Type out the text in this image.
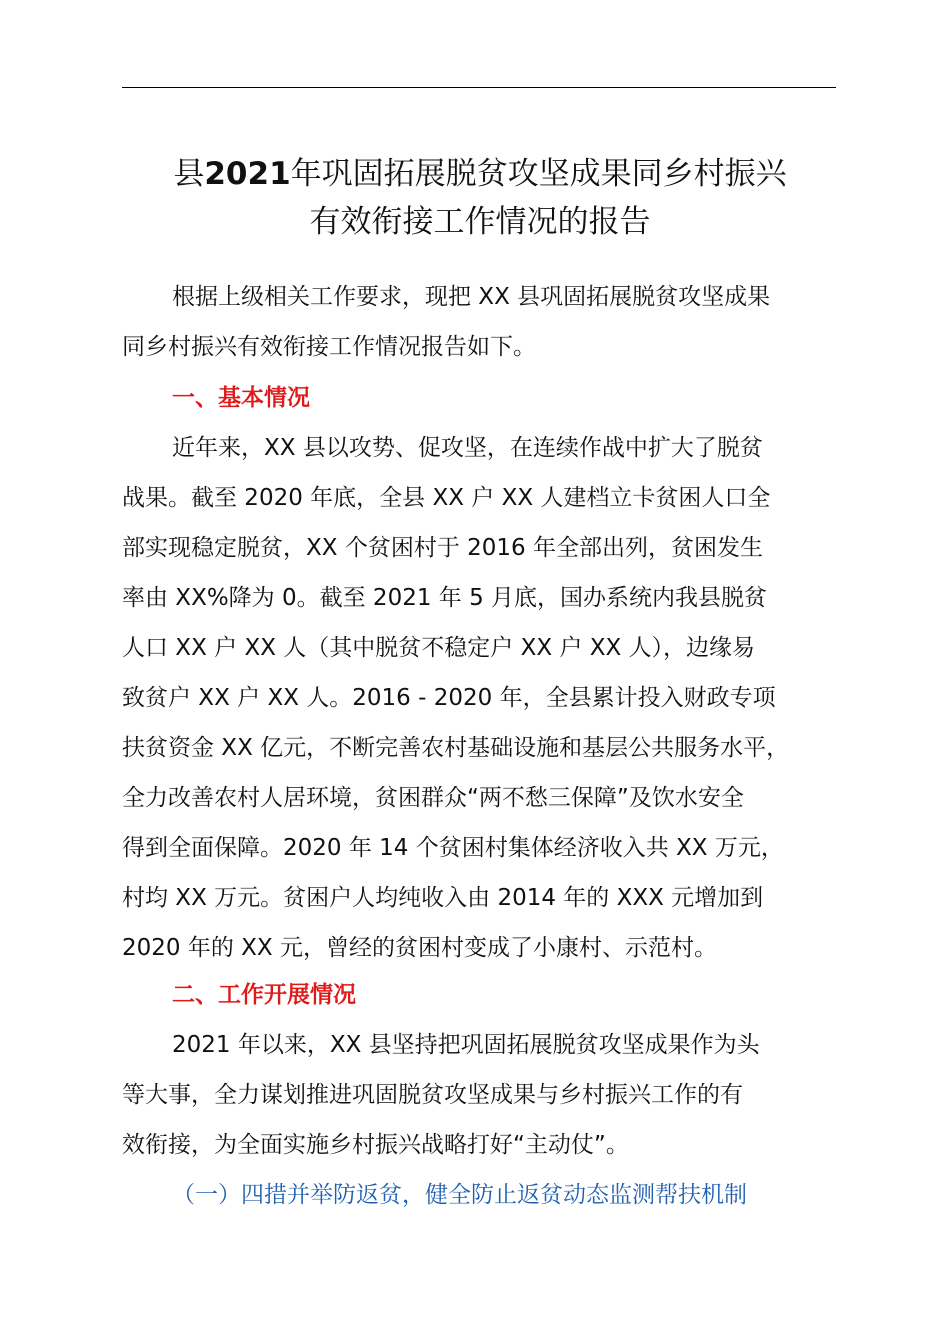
县2021年巩固拓展脱贫攻坚成果同乡村振兴
有效衔接工作情况的报告

根据上级相关工作要求，现把 XX 县巩固拓展脱贫攻坚成果
同乡村振兴有效衔接工作情况报告如下。

一、基本情况

近年来，XX 县以攻势、促攻坚，在连续作战中扩大了脱贫
战果。截至 2020 年底，全县 XX 户 XX 人建档立卡贫困人口全
部实现稳定脱贫，XX 个贫困村于 2016 年全部出列，贫困发生
率由 XX%降为 0。截至 2021 年 5 月底，国办系统内我县脱贫
人口 XX 户 XX 人（其中脱贫不稳定户 XX 户 XX 人），边缘易
致贫户 XX 户 XX 人。2016 - 2020 年，全县累计投入财政专项
扶贫资金 XX 亿元，不断完善农村基础设施和基层公共服务水平，
全力改善农村人居环境，贫困群众“两不愁三保障”及饮水安全
得到全面保障。2020 年 14 个贫困村集体经济收入共 XX 万元，
村均 XX 万元。贫困户人均纯收入由 2014 年的 XXX 元增加到
2020 年的 XX 元，曾经的贫困村变成了小康村、示范村。

二、工作开展情况

2021 年以来，XX 县坚持把巩固拓展脱贫攻坚成果作为头
等大事，全力谋划推进巩固脱贫攻坚成果与乡村振兴工作的有
效衔接，为全面实施乡村振兴战略打好“主动仗”。

（一）四措并举防返贫，健全防止返贫动态监测帮扶机制
